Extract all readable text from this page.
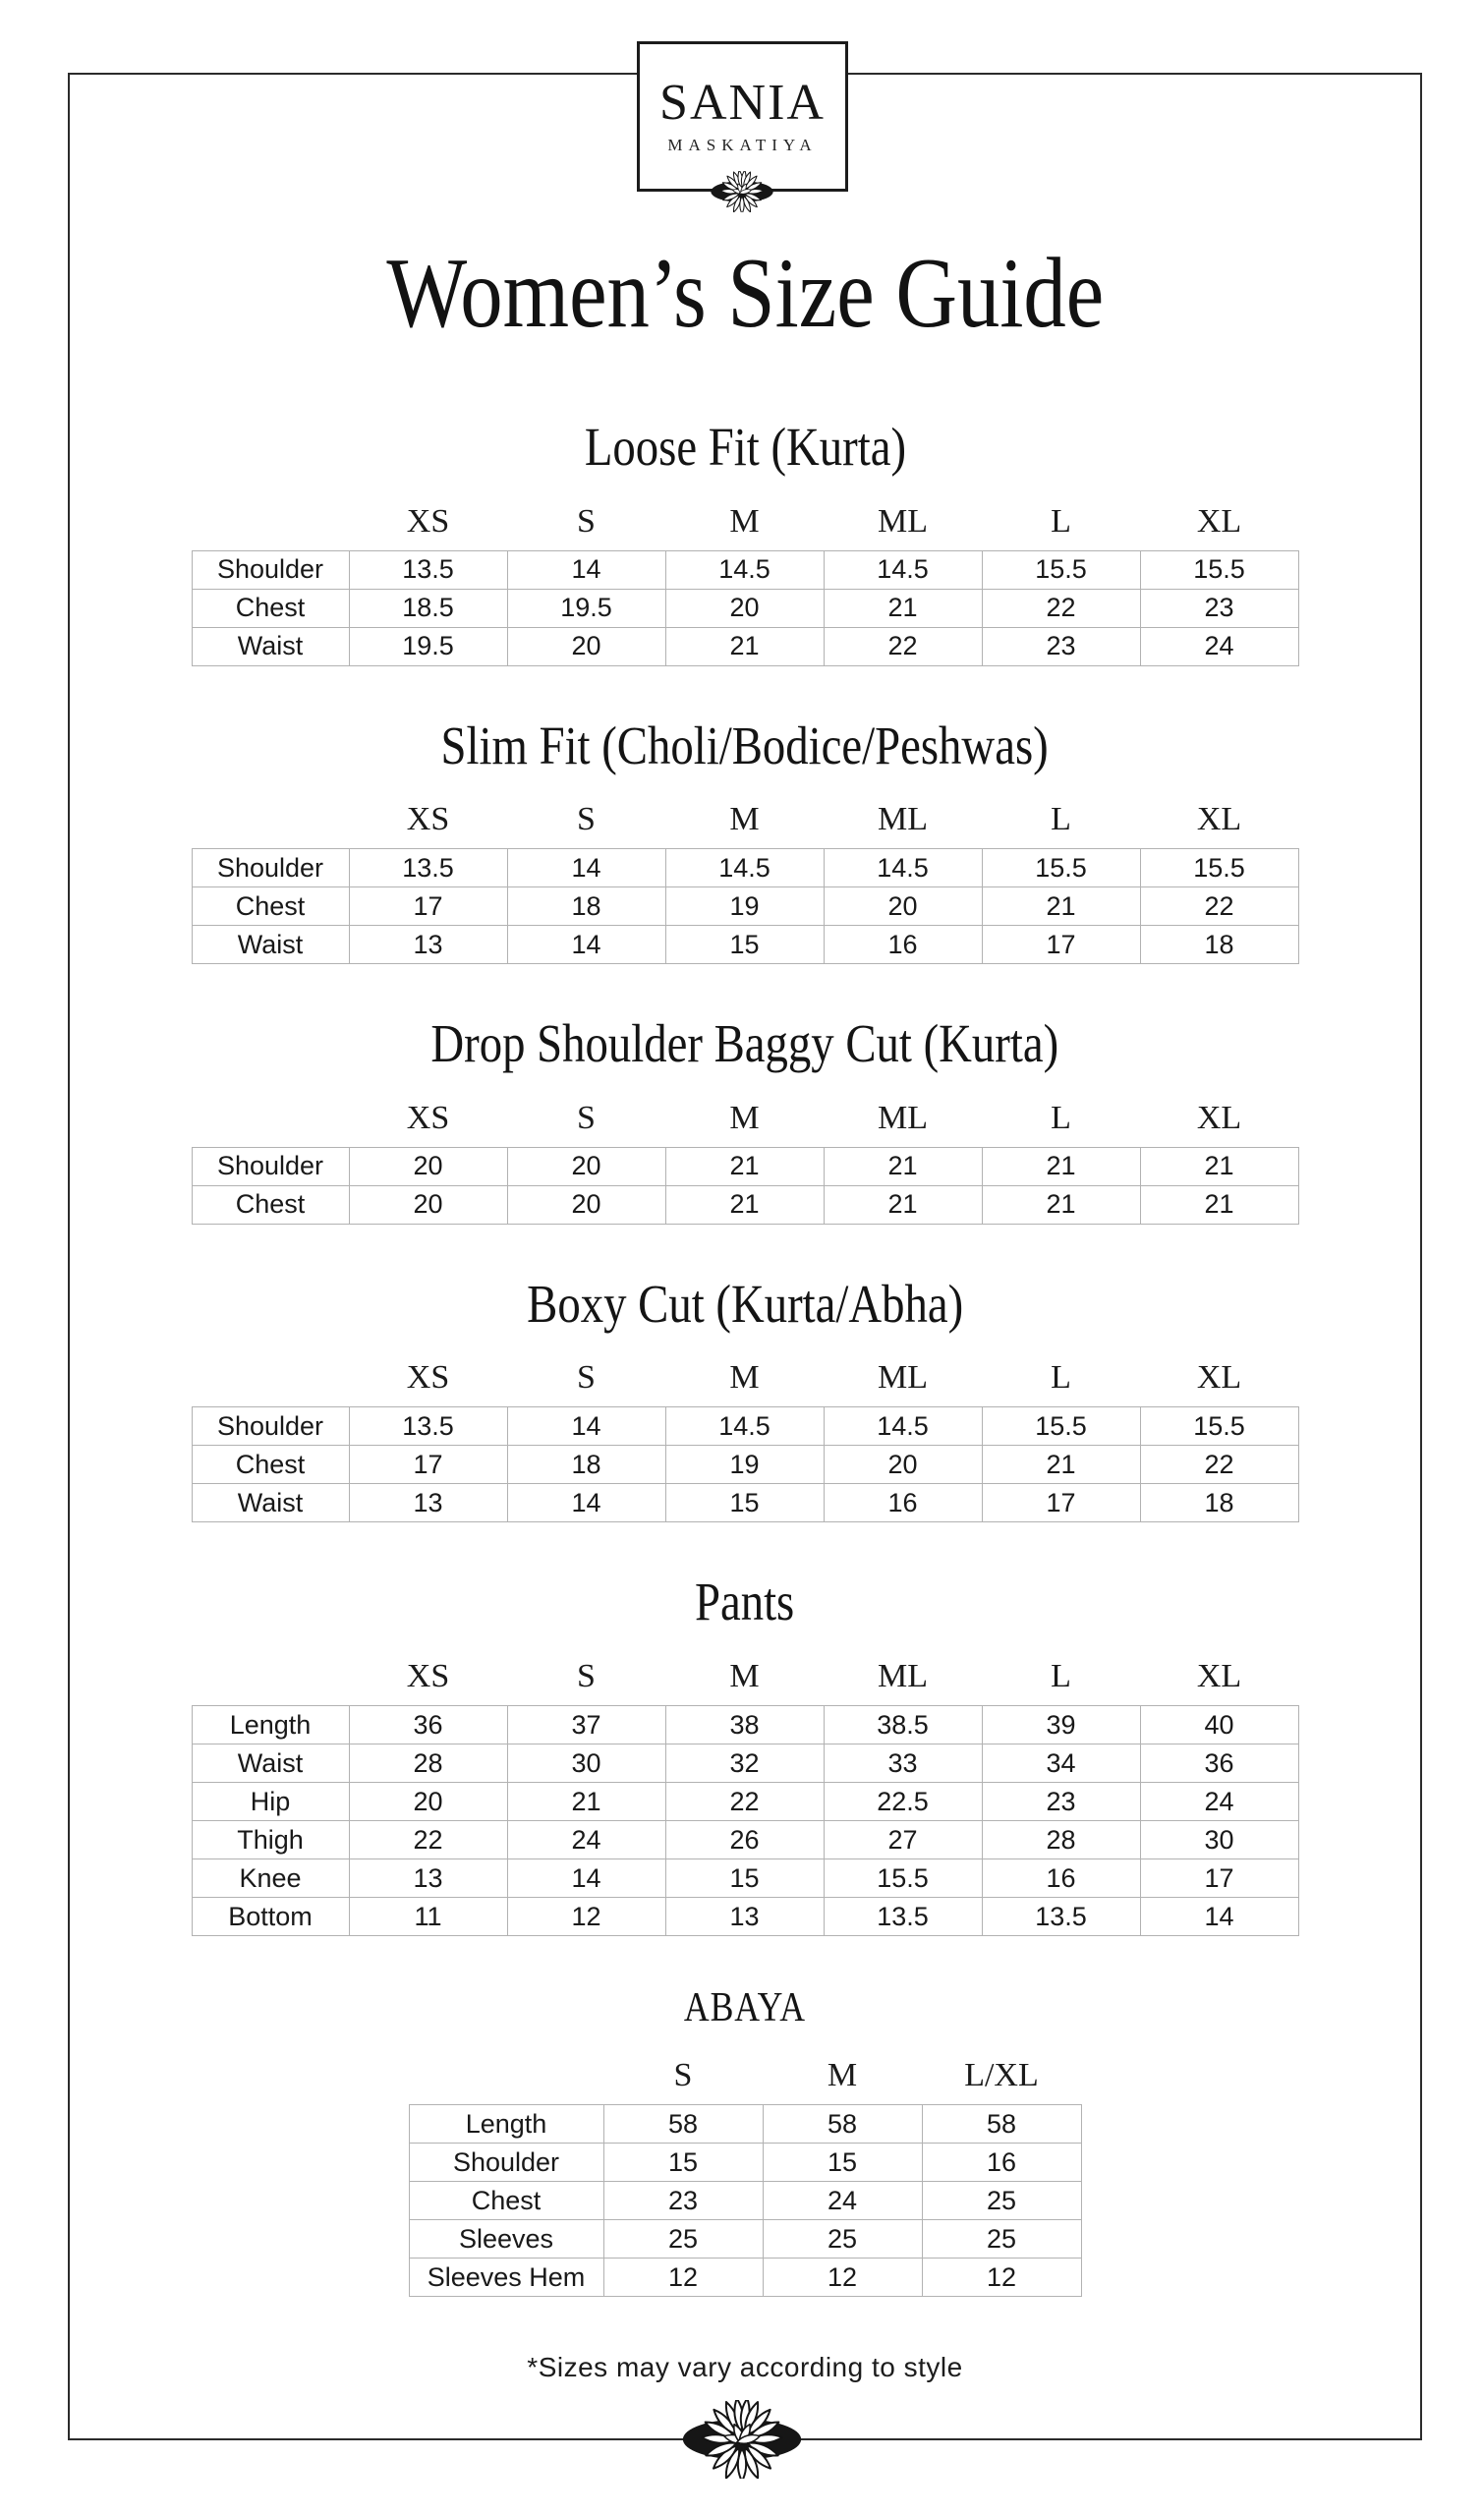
SANIA
MASKATIYA
Women’s Size Guide
Loose Fit (Kurta)
XS	S	M	ML	L	XL
Shoulder	13.5	14	14.5	14.5	15.5	15.5
Chest	18.5	19.5	20	21	22	23
Waist	19.5	20	21	22	23	24
Slim Fit (Choli/Bodice/Peshwas)
XS	S	M	ML	L	XL
Shoulder	13.5	14	14.5	14.5	15.5	15.5
Chest	17	18	19	20	21	22
Waist	13	14	15	16	17	18
Drop Shoulder Baggy Cut (Kurta)
XS	S	M	ML	L	XL
Shoulder	20	20	21	21	21	21
Chest	20	20	21	21	21	21
Boxy Cut (Kurta/Abha)
XS	S	M	ML	L	XL
Shoulder	13.5	14	14.5	14.5	15.5	15.5
Chest	17	18	19	20	21	22
Waist	13	14	15	16	17	18
Pants
XS	S	M	ML	L	XL
Length	36	37	38	38.5	39	40
Waist	28	30	32	33	34	36
Hip	20	21	22	22.5	23	24
Thigh	22	24	26	27	28	30
Knee	13	14	15	15.5	16	17
Bottom	11	12	13	13.5	13.5	14
ABAYA
S	M	L/XL
Length	58	58	58
Shoulder	15	15	16
Chest	23	24	25
Sleeves	25	25	25
Sleeves Hem	12	12	12
*Sizes may vary according to style
